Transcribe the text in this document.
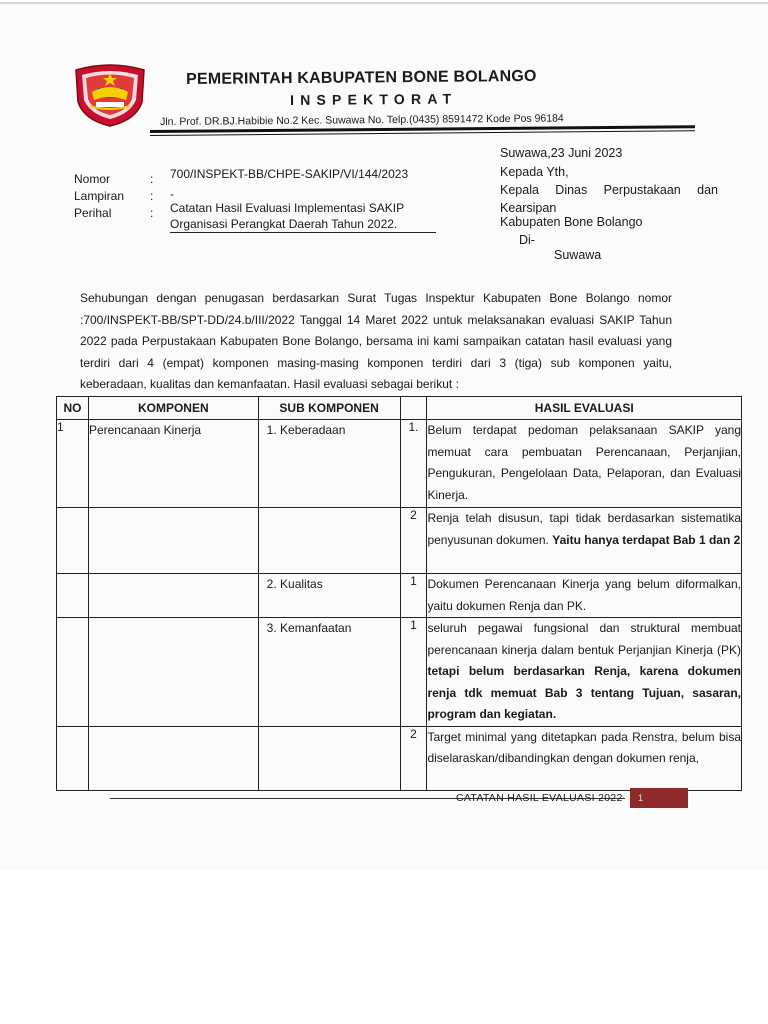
PEMERINTAH KABUPATEN BONE BOLANGO
INSPEKTORAT
Jln. Prof. DR.BJ.Habibie No.2 Kec. Suwawa No. Telp.(0435) 8591472 Kode Pos 96184
Nomor	: 700/INSPEKT-BB/CHPE-SAKIP/VI/144/2023
Lampiran : -
Perihal	: Catatan Hasil Evaluasi Implementasi SAKIP
Organisasi Perangkat Daerah Tahun 2022.
Suwawa,23 Juni 2023
Kepada Yth,
Kepala Dinas Perpustakaan dan
Kearsipan
Kabupaten Bone Bolango
Di-
Suwawa
Sehubungan dengan penugasan berdasarkan Surat Tugas Inspektur Kabupaten Bone Bolango nomor :700/INSPEKT-BB/SPT-DD/24.b/III/2022 Tanggal 14 Maret 2022 untuk melaksanakan evaluasi SAKIP Tahun 2022 pada Perpustakaan Kabupaten Bone Bolango, bersama ini kami sampaikan catatan hasil evaluasi yang terdiri dari 4 (empat) komponen masing-masing komponen terdiri dari 3 (tiga) sub komponen yaitu, keberadaan, kualitas dan kemanfaatan. Hasil evaluasi sebagai berikut :
NO	KOMPONEN	SUB KOMPONEN		HASIL EVALUASI
1	Perencanaan Kinerja	1. Keberadaan	1.	Belum terdapat pedoman pelaksanaan SAKIP yang memuat cara pembuatan Perencanaan, Perjanjian, Pengukuran, Pengelolaan Data, Pelaporan, dan Evaluasi Kinerja.
			2	Renja telah disusun, tapi tidak berdasarkan sistematika penyusunan dokumen. Yaitu hanya terdapat Bab 1 dan 2
		2. Kualitas	1	Dokumen Perencanaan Kinerja yang belum diformalkan, yaitu dokumen Renja dan PK.
		3. Kemanfaatan	1	seluruh pegawai fungsional dan struktural membuat perencanaan kinerja dalam bentuk Perjanjian Kinerja (PK) tetapi belum berdasarkan Renja, karena dokumen renja tdk memuat Bab 3 tentang Tujuan, sasaran, program dan kegiatan.
			2	Target minimal yang ditetapkan pada Renstra, belum bisa diselaraskan/dibandingkan dengan dokumen renja,
CATATAN HASIL EVALUASI 2022	1
